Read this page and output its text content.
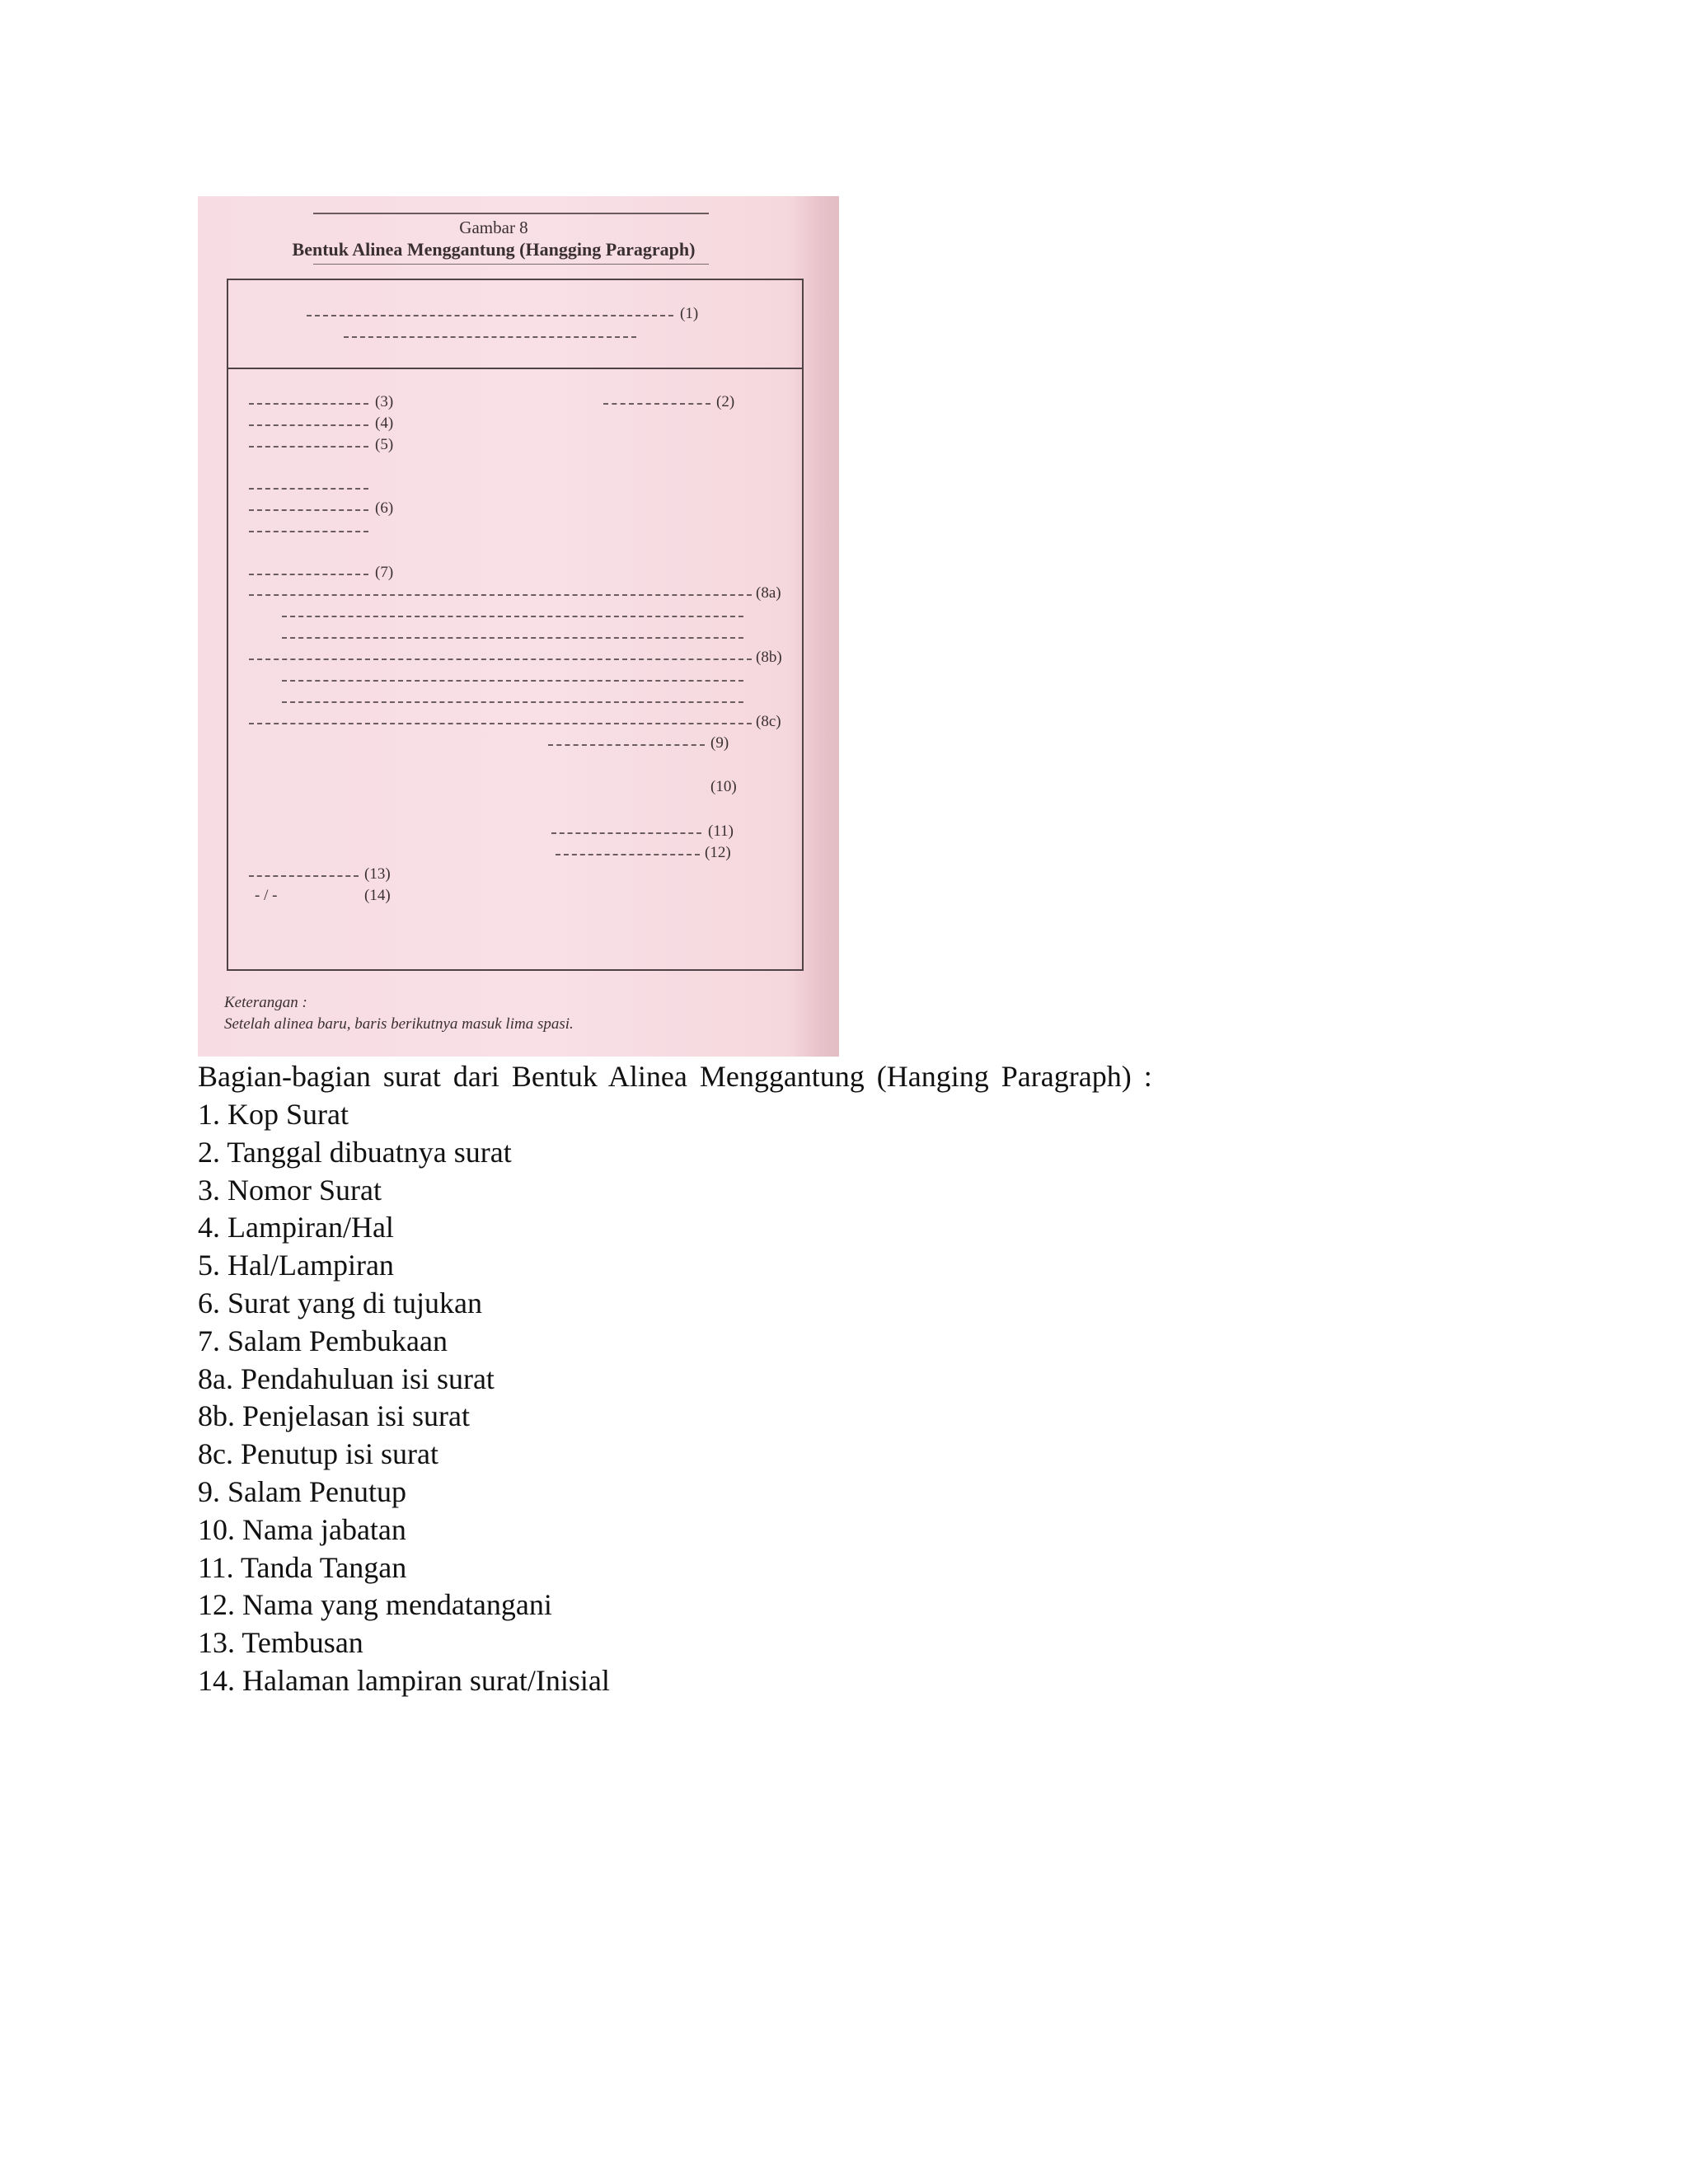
Gambar 8
Bentuk Alinea Menggantung (Hangging Paragraph)
(1)
(3)	(2)
(4)
(5)
(6)
(7)
(8a)
(8b)
(8c)
(9)
(10)
(11)
(12)
(13)
- / -	(14)
Keterangan :
Setelah alinea baru, baris berikutnya masuk lima spasi.
Bagian-bagian surat dari Bentuk Alinea Menggantung (Hanging Paragraph) :
1. Kop Surat
2. Tanggal dibuatnya surat
3. Nomor Surat
4. Lampiran/Hal
5. Hal/Lampiran
6. Surat yang di tujukan
7. Salam Pembukaan
8a. Pendahuluan isi surat
8b. Penjelasan isi surat
8c. Penutup isi surat
9. Salam Penutup
10. Nama jabatan
11. Tanda Tangan
12. Nama yang mendatangani
13. Tembusan
14. Halaman lampiran surat/Inisial
